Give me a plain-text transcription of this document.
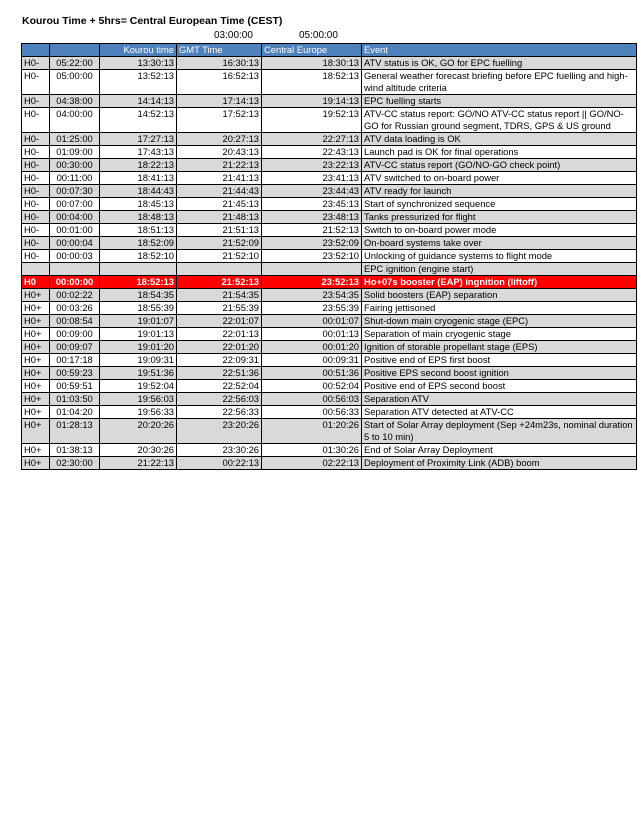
Kourou Time + 5hrs= Central European Time (CEST)
03:00:00	05:00:00
		Kourou time	GMT Time	Central Europe	Event
H0-	05:22:00	13:30:13	16:30:13	18:30:13	ATV status is OK, GO for EPC fuelling
H0-	05:00:00	13:52:13	16:52:13	18:52:13	General weather forecast briefing before EPC fuelling and high-wind altitude criteria
H0-	04:38:00	14:14:13	17:14:13	19:14:13	EPC fuelling starts
H0-	04:00:00	14:52:13	17:52:13	19:52:13	ATV-CC status report: GO/NO ATV-CC status report || GO/NO-GO for Russian ground segment, TDRS, GPS & US ground
H0-	01:25:00	17:27:13	20:27:13	22:27:13	ATV data loading is OK
H0-	01:09:00	17:43:13	20:43:13	22:43:13	Launch pad is OK for final operations
H0-	00:30:00	18:22:13	21:22:13	23:22:13	ATV-CC status report (GO/NO-GO check point)
H0-	00:11:00	18:41:13	21:41:13	23:41:13	ATV switched to on-board power
H0-	00:07:30	18:44:43	21:44:43	23:44:43	ATV ready for launch
H0-	00:07:00	18:45:13	21:45:13	23:45:13	Start of synchronized sequence
H0-	00:04:00	18:48:13	21:48:13	23:48:13	Tanks pressurized for flight
H0-	00:01:00	18:51:13	21:51:13	21:52:13	Switch to on-board power mode
H0-	00:00:04	18:52:09	21:52:09	23:52:09	On-board systems take over
H0-	00:00:03	18:52:10	21:52:10	23:52:10	Unlocking of guidance systems to flight mode
					EPC ignition (engine start)
H0	00:00:00	18:52:13	21:52:13	23:52:13	Ho+07s booster (EAP) ingnition (liftoff)
H0+	00:02:22	18:54:35	21:54:35	23:54:35	Solid boosters (EAP) separation
H0+	00:03:26	18:55:39	21:55:39	23:55:39	Fairing jettisoned
H0+	00:08:54	19:01:07	22:01:07	00:01:07	Shut-down main cryogenic stage (EPC)
H0+	00:09:00	19:01:13	22:01:13	00:01:13	Separation of main cryogenic stage
H0+	00:09:07	19:01:20	22:01:20	00:01:20	Ignition of storable propellant stage (EPS)
H0+	00:17:18	19:09:31	22:09:31	00:09:31	Positive end of EPS first boost
H0+	00:59:23	19:51:36	22:51:36	00:51:36	Positive EPS second boost ignition
H0+	00:59:51	19:52:04	22:52:04	00:52:04	Positive end of EPS second boost
H0+	01:03:50	19:56:03	22:56:03	00:56:03	Separation ATV
H0+	01:04:20	19:56:33	22:56:33	00:56:33	Separation ATV detected at ATV-CC
H0+	01:28:13	20:20:26	23:20:26	01:20:26	Start of Solar Array deployment (Sep +24m23s, nominal duration 5 to 10 min)
H0+	01:38:13	20:30:26	23:30:26	01:30:26	End of Solar Array Deployment
H0+	02:30:00	21:22:13	00:22:13	02:22:13	Deployment of Proximity Link (ADB) boom
